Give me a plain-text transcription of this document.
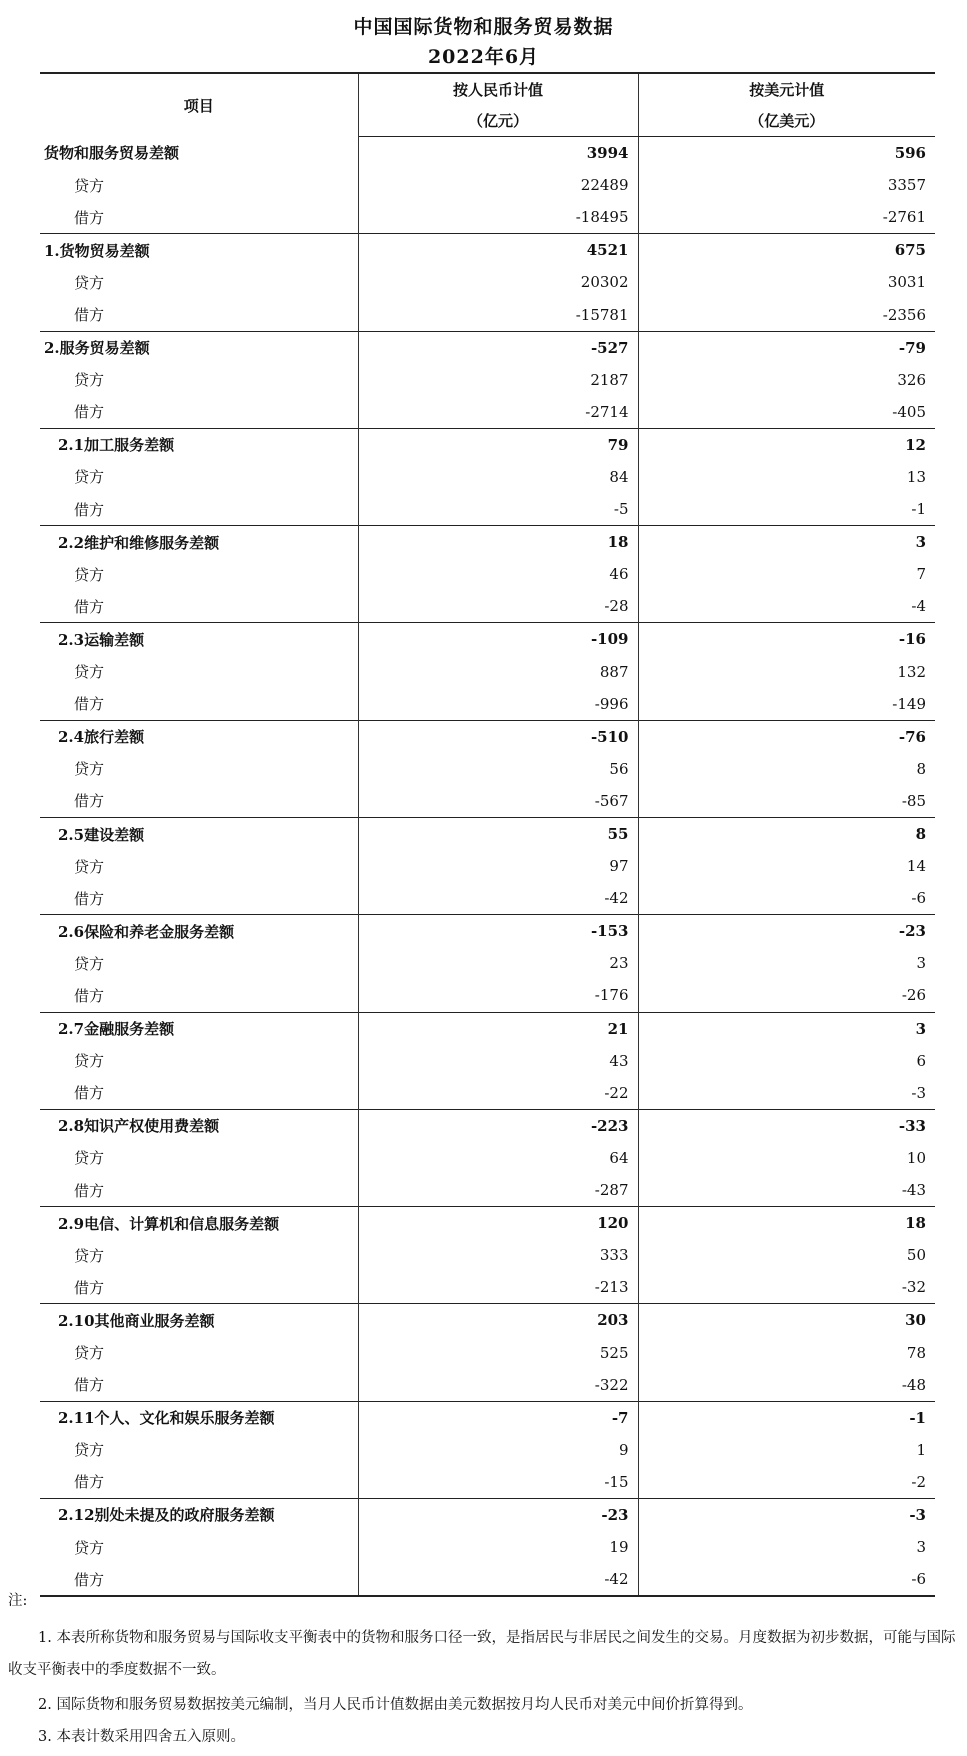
中国国际货物和服务贸易数据
2022年6月
项目	按人民币计值	按美元计值
	（亿元）	（亿美元）
货物和服务贸易差额	3994	596
贷方	22489	3357
借方	-18495	-2761
1.货物贸易差额	4521	675
贷方	20302	3031
借方	-15781	-2356
2.服务贸易差额	-527	-79
贷方	2187	326
借方	-2714	-405
2.1加工服务差额	79	12
贷方	84	13
借方	-5	-1
2.2维护和维修服务差额	18	3
贷方	46	7
借方	-28	-4
2.3运输差额	-109	-16
贷方	887	132
借方	-996	-149
2.4旅行差额	-510	-76
贷方	56	8
借方	-567	-85
2.5建设差额	55	8
贷方	97	14
借方	-42	-6
2.6保险和养老金服务差额	-153	-23
贷方	23	3
借方	-176	-26
2.7金融服务差额	21	3
贷方	43	6
借方	-22	-3
2.8知识产权使用费差额	-223	-33
贷方	64	10
借方	-287	-43
2.9电信、计算机和信息服务差额	120	18
贷方	333	50
借方	-213	-32
2.10其他商业服务差额	203	30
贷方	525	78
借方	-322	-48
2.11个人、文化和娱乐服务差额	-7	-1
贷方	9	1
借方	-15	-2
2.12别处未提及的政府服务差额	-23	-3
贷方	19	3
借方	-42	-6
注:
1. 本表所称货物和服务贸易与国际收支平衡表中的货物和服务口径一致，是指居民与非居民之间发生的交易。月度数据为初步数据，可能与国际收支平衡表中的季度数据不一致。
2. 国际货物和服务贸易数据按美元编制，当月人民币计值数据由美元数据按月均人民币对美元中间价折算得到。
3. 本表计数采用四舍五入原则。
